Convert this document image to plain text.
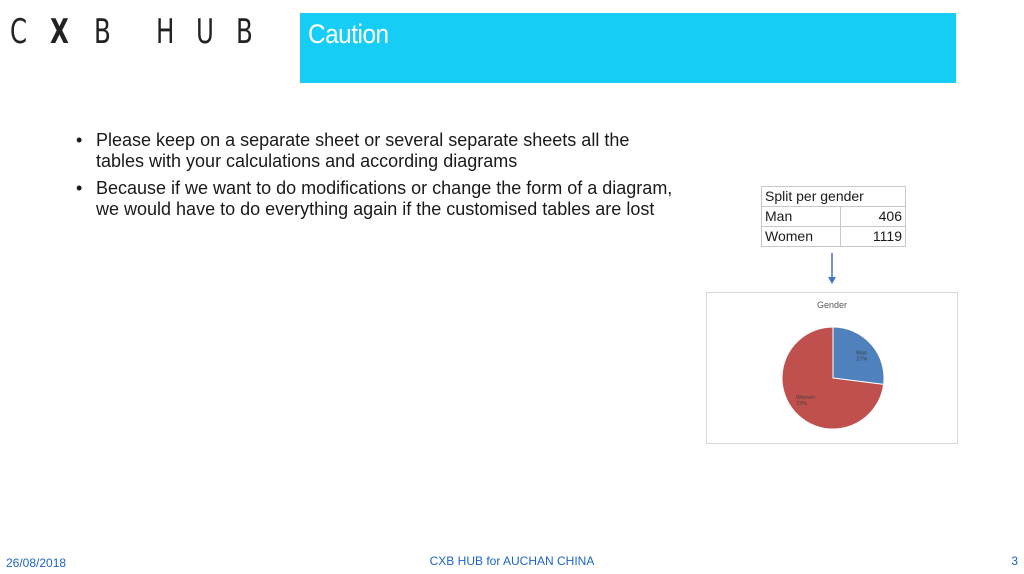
C X B H U B Caution
• Please keep on a separate sheet or several separate sheets all the tables with your calculations and according diagrams
• Because if we want to do modifications or change the form of a diagram, we would have to do everything again if the customised tables are lost
Split per gender	
Man	406
Women	1119
Gender
Man 27%
Women 73%
26/08/2018	CXB HUB for AUCHAN CHINA	3
